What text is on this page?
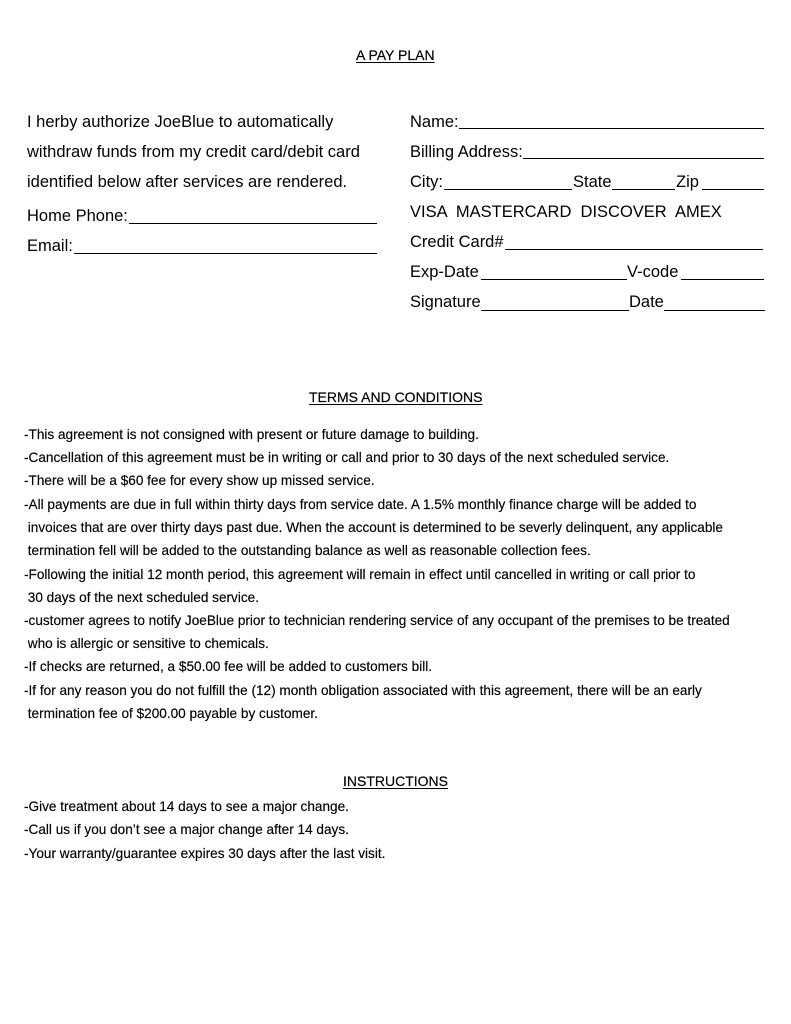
A PAY PLAN
I herby authorize JoeBlue to automatically
withdraw funds from my credit card/debit card
identified below after services are rendered.
Home Phone:
Email:
Name:
Billing Address:
City:	State	Zip
VISA  MASTERCARD  DISCOVER  AMEX
Credit Card#
Exp-Date	V-code
Signature	Date
TERMS AND CONDITIONS
-This agreement is not consigned with present or future damage to building.
-Cancellation of this agreement must be in writing or call and prior to 30 days of the next scheduled service.
-There will be a $60 fee for every show up missed service.
-All payments are due in full within thirty days from service date. A 1.5% monthly finance charge will be added to
invoices that are over thirty days past due. When the account is determined to be severly delinquent, any applicable
termination fell will be added to the outstanding balance as well as reasonable collection fees.
-Following the initial 12 month period, this agreement will remain in effect until cancelled in writing or call prior to
30 days of the next scheduled service.
-customer agrees to notify JoeBlue prior to technician rendering service of any occupant of the premises to be treated
who is allergic or sensitive to chemicals.
-If checks are returned, a $50.00 fee will be added to customers bill.
-If for any reason you do not fulfill the (12) month obligation associated with this agreement, there will be an early
termination fee of $200.00 payable by customer.
INSTRUCTIONS
-Give treatment about 14 days to see a major change.
-Call us if you don’t see a major change after 14 days.
-Your warranty/guarantee expires 30 days after the last visit.
